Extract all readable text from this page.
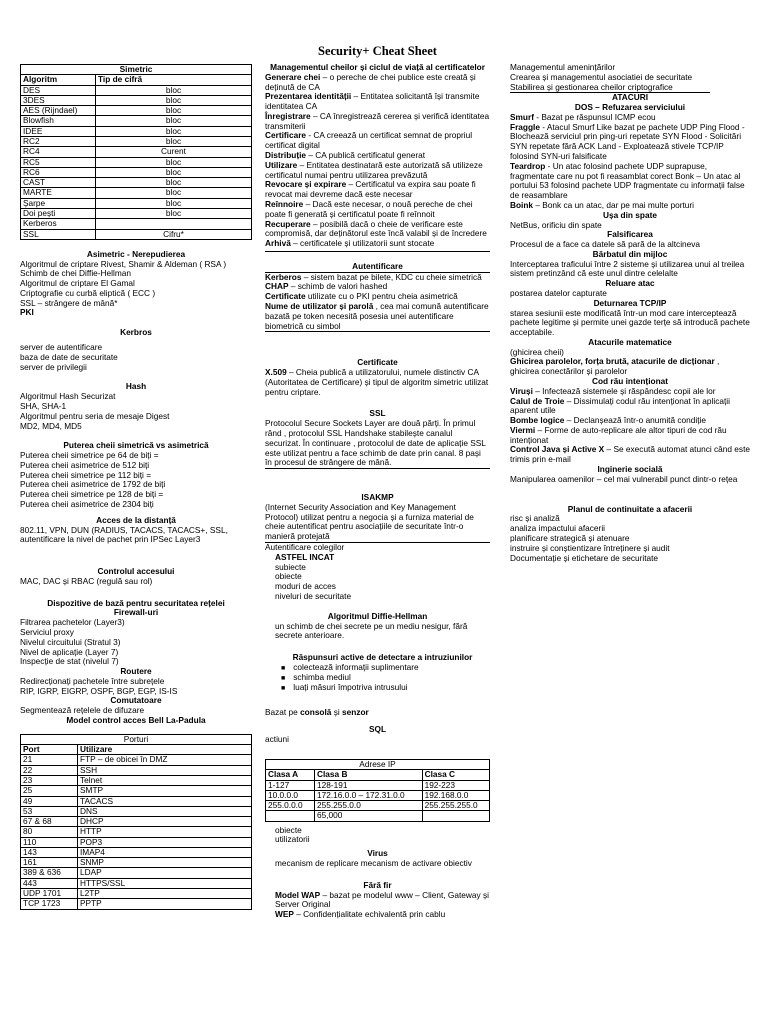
Security+ Cheat Sheet
Simetric	
Algoritm	Tip de cifră
DES	bloc
3DES	bloc
AES (Rijndael)	bloc
Blowfish	bloc
IDEE	bloc
RC2	bloc
RC4	Curent
RC5	bloc
RC6	bloc
CAST	bloc
MARTE	bloc
Șarpe	bloc
Doi pești	bloc
Kerberos	
SSL	Cifru*
Asimetric - Nerepudierea
Algoritmul de criptare Rivest, Shamir & Aldeman ( RSA )
Schimb de chei Diffie-Hellman
Algoritmul de criptare El Gamal
Criptografie cu curbă eliptică ( ECC )
SSL – strângere de mână*
PKI
Kerbros
server de autentificare
baza de date de securitate
server de privilegii
Hash
Algoritmul Hash Securizat
SHA, SHA-1
Algoritmul pentru seria de mesaje Digest
MD2, MD4, MD5
Puterea cheii simetrică vs asimetrică
Puterea cheii simetrice pe 64 de biți =
Puterea cheii asimetrice de 512 biți
Puterea cheii simetrice pe 112 biți =
Puterea cheii asimetrice de 1792 de biți
Puterea cheii simetrice pe 128 de biți =
Puterea cheii asimetrice de 2304 biți
Acces de la distanță
802.11, VPN, DUN (RADIUS, TACACS, TACACS+, SSL, autentificare la nivel de pachet prin IPSec Layer3
Controlul accesului
MAC, DAC și RBAC (regulă sau rol)
Dispozitive de bază pentru securitatea rețelei
Firewall-uri
Filtrarea pachetelor (Layer3)
Serviciul proxy
Nivelul circuitului (Stratul 3)
Nivel de aplicație (Layer 7)
Inspecție de stat (nivelul 7)
Routere
Redirecționați pachetele între subrețele
RIP, IGRP, EIGRP, OSPF, BGP, EGP, IS-IS
Comutatoare
Segmentează rețelele de difuzare
Model control acces Bell La-Padula
Porturi	
Port	Utilizare
21	FTP – de obicei în DMZ
22	SSH
23	Telnet
25	SMTP
49	TACACS
53	DNS
67 & 68	DHCP
80	HTTP
110	POP3
143	IMAP4
161	SNMP
389 & 636	LDAP
443	HTTPS/SSL
UDP 1701	L2TP
TCP 1723	PPTP
Managementul cheilor și ciclul de viață al certificatelor
Generare chei – o pereche de chei publice este creată și deținută de CA
Prezentarea identității – Entitatea solicitantă își transmite identitatea CA
Înregistrare – CA înregistrează cererea și verifică identitatea transmiterii
Certificare - CA creează un certificat semnat de propriul certificat digital
Distribuție – CA publică certificatul generat
Utilizare – Entitatea destinatară este autorizată să utilizeze certificatul numai pentru utilizarea prevăzută
Revocare și expirare – Certificatul va expira sau poate fi revocat mai devreme dacă este necesar
Reînnoire – Dacă este necesar, o nouă pereche de chei poate fi generată și certificatul poate fi reînnoit
Recuperare – posibilă dacă o cheie de verificare este compromisă, dar deținătorul este încă valabil și de încredere
Arhivă – certificatele și utilizatorii sunt stocate
Autentificare
Kerberos – sistem bazat pe bilete, KDC cu cheie simetrică
CHAP – schimb de valori hashed
Certificate utilizate cu o PKI pentru cheia asimetrică
Nume de utilizator și parolă , cea mai comună autentificare bazată pe token necesită posesia unei autentificare biometrică cu simbol
Certificate
X.509 – Cheia publică a utilizatorului, numele distinctiv CA (Autoritatea de Certificare) și tipul de algoritm simetric utilizat pentru criptare.
SSL
Protocolul Secure Sockets Layer are două părți. În primul rând , protocolul SSL Handshake stabilește canalul securizat. În continuare , protocolul de date de aplicație SSL este utilizat pentru a face schimb de date prin canal. 8 pași în procesul de strângere de mână.
ISAKMP
(Internet Security Association and Key Management Protocol) utilizat pentru a negocia și a furniza material de cheie autentificat pentru asociațiile de securitate într-o manieră protejată
Autentificare colegilor
ASTFEL INCAT
subiecte
obiecte
moduri de acces
niveluri de securitate
Algoritmul Diffie-Hellman
un schimb de chei secrete pe un mediu nesigur, fără secrete anterioare.
Răspunsuri active de detectare a intruziunilor
■ colectează informații suplimentare
■ schimba mediul
■ luați măsuri împotriva intrusului
Bazat pe consolă și senzor
SQL
actiuni
Adrese IP		
Clasa A	Clasa B	Clasa C
1-127	128-191	192-223
10.0.0.0	172.16.0.0 – 172.31.0.0	192.168.0.0
255.0.0.0	255.255.0.0	255.255.255.0
	65,000	
obiecte
utilizatorii
Virus
mecanism de replicare mecanism de activare obiectiv
Fără fir
Model WAP – bazat pe modelul www – Client, Gateway și Server Original
WEP – Confidențialitate echivalentă prin cablu
Managementul amenințărilor
Crearea și managementul asociatiei de securitate
Stabilirea și gestionarea cheilor criptografice
ATACURI
DOS – Refuzarea serviciului
Smurf - Bazat pe răspunsul ICMP ecou
Fraggle - Atacul Smurf Like bazat pe pachete UDP Ping Flood - Blochează serviciul prin ping-uri repetate SYN Flood - Solicitări SYN repetate fără ACK Land - Exploatează stivele TCP/IP folosind SYN-uri falsificate
Teardrop - Un atac folosind pachete UDP suprapuse, fragmentate care nu pot fi reasamblat corect Bonk – Un atac al portului 53 folosind pachete UDP fragmentate cu informații false de reasamblare
Boink – Bonk ca un atac, dar pe mai multe porturi
Ușa din spate
NetBus, orificiu din spate
Falsificarea
Procesul de a face ca datele să pară de la altcineva
Bărbatul din mijloc
Interceptarea traficului între 2 sisteme și utilizarea unui al treilea sistem pretinzând că este unul dintre celelalte
Reluare atac
postarea datelor capturate
Deturnarea TCP/IP
starea sesiunii este modificată într-un mod care interceptează pachete legitime și permite unei gazde terțe să introducă pachete acceptabile.
Atacurile matematice
(ghicirea cheii)
Ghicirea parolelor, forța brută, atacurile de dicționar , ghicirea conectărilor și parolelor
Cod rău intenționat
Viruși – Infectează sistemele și răspândesc copii ale lor
Calul de Troie – Dissimulați codul rău intenționat în aplicații aparent utile
Bombe logice – Declanșează într-o anumită condiție
Viermi – Forme de auto-replicare ale altor tipuri de cod rău intenționat
Control Java și Active X – Se execută automat atunci când este trimis prin e-mail
Inginerie socială
Manipularea oamenilor – cel mai vulnerabil punct dintr-o rețea
Planul de continuitate a afacerii
risc și analiză
analiza impactului afacerii
planificare strategică și atenuare
instruire și conștientizare întreținere și audit
Documentație și etichetare de securitate
